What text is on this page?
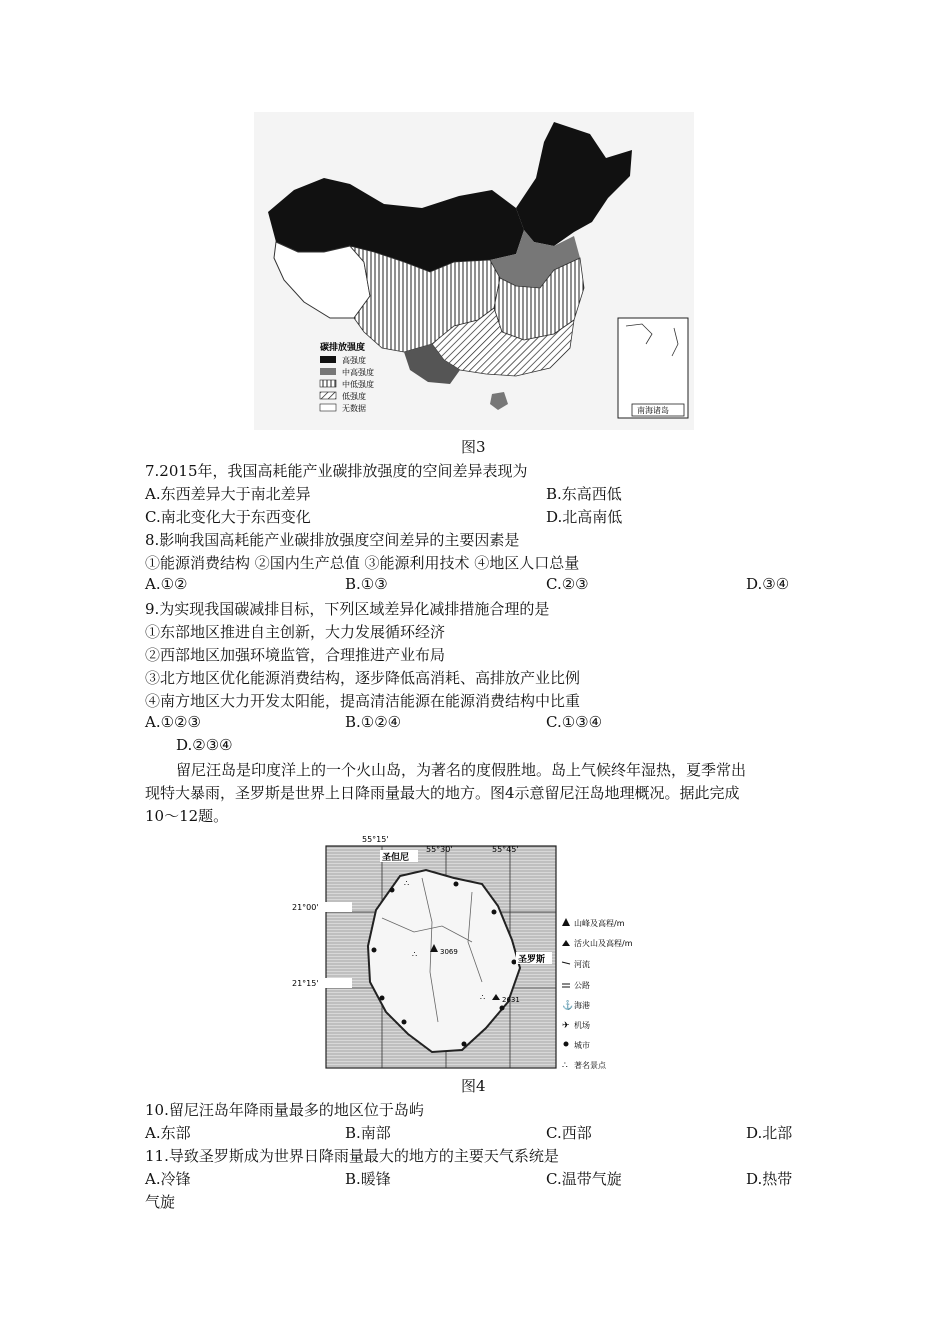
南海诸岛
碳排放强度
高强度
中高强度
中低强度
低强度
无数据
图3
7.2015年，我国高耗能产业碳排放强度的空间差异表现为
A.东西差异大于南北差异	B.东高西低
C.南北变化大于东西变化	D.北高南低
8.影响我国高耗能产业碳排放强度空间差异的主要因素是
①能源消费结构 ②国内生产总值 ③能源利用技术 ④地区人口总量
A.①②	B.①③	C.②③	D.③④
9.为实现我国碳减排目标，下列区域差异化减排措施合理的是
①东部地区推进自主创新，大力发展循环经济
②西部地区加强环境监管，合理推进产业布局
③北方地区优化能源消费结构，逐步降低高消耗、高排放产业比例
④南方地区大力开发太阳能，提高清洁能源在能源消费结构中比重
A.①②③	B.①②④	C.①③④
D.②③④
留尼汪岛是印度洋上的一个火山岛，为著名的度假胜地。岛上气候终年湿热，夏季常出
现特大暴雨，圣罗斯是世界上日降雨量最大的地方。图4示意留尼汪岛地理概况。据此完成
10～12题。
3069
2631
∴
∴
∴
圣但尼
圣罗斯
55°15'
55°30'	55°45'
21°00'
21°15'
山峰及高程/m
活火山及高程/m
河流
公路
⚓ 海港
✈ 机场
城市
∴ 著名景点
图4
10.留尼汪岛年降雨量最多的地区位于岛屿
A.东部	B.南部	C.西部	D.北部
11.导致圣罗斯成为世界日降雨量最大的地方的主要天气系统是
A.冷锋	B.暖锋	C.温带气旋	D.热带
气旋
